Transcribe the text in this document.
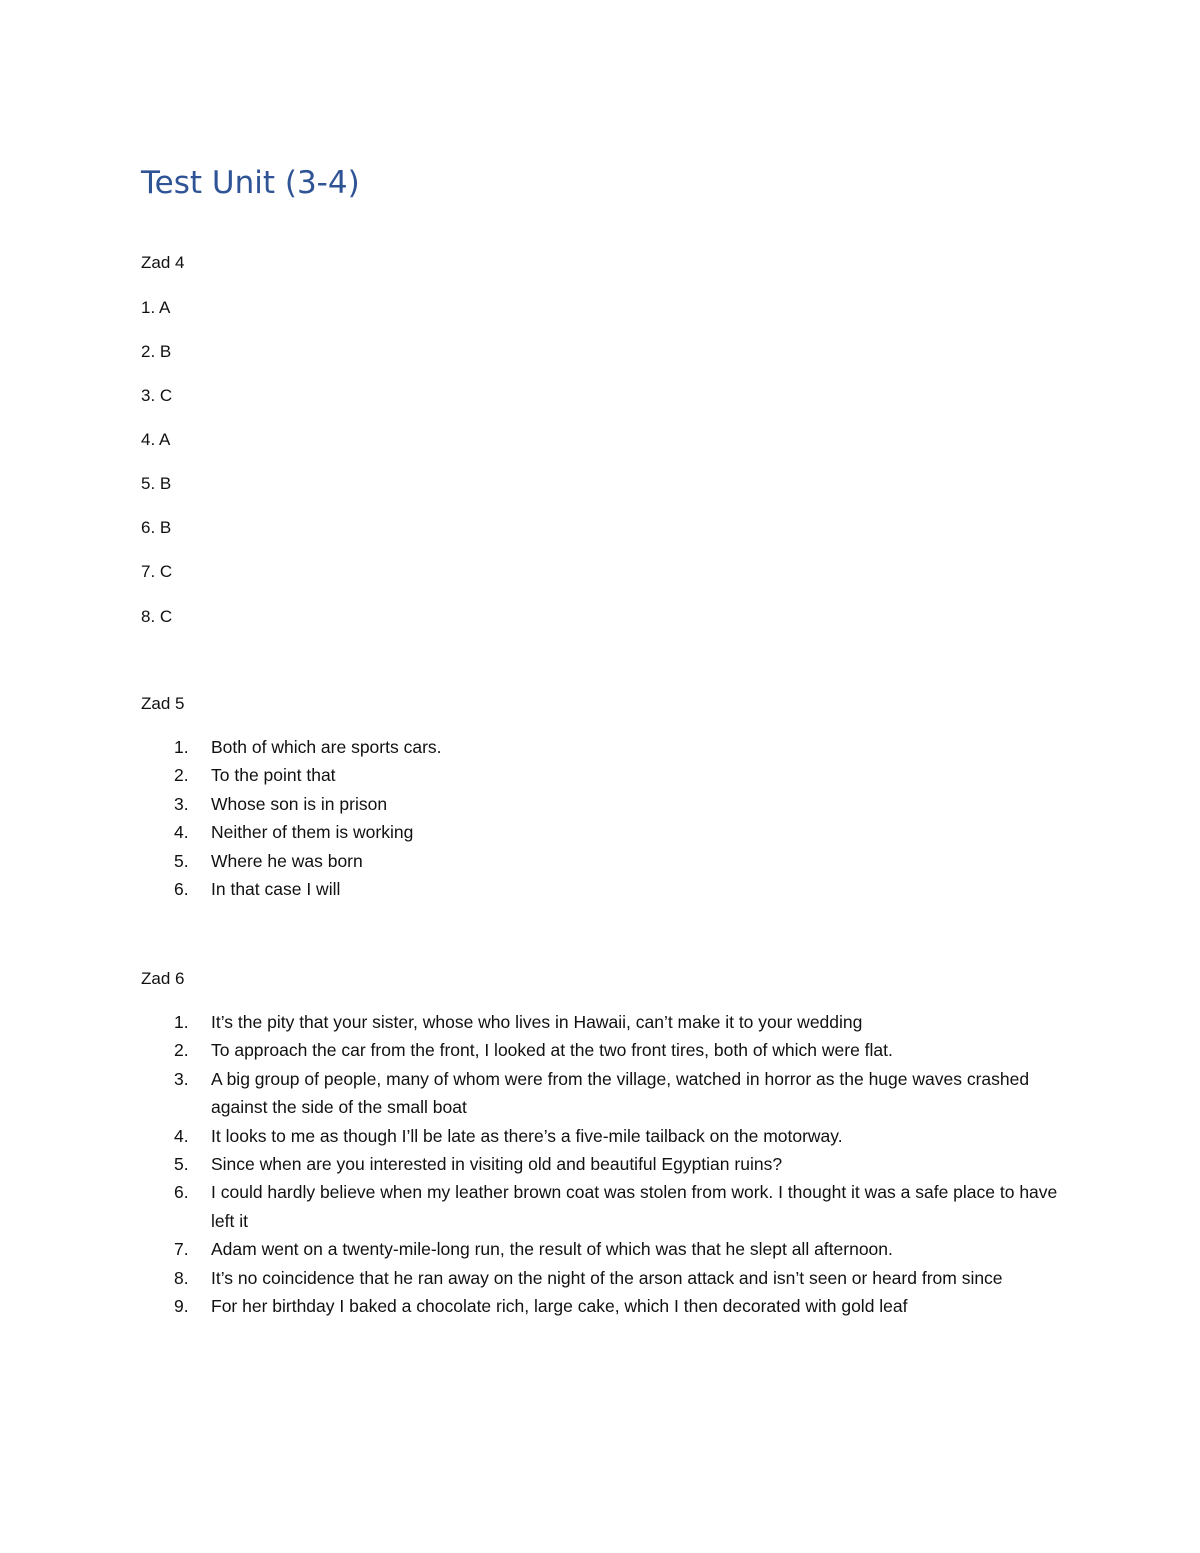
Test Unit (3-4)
Zad 4
1. A
2. B
3. C
4. A
5. B
6. B
7. C
8. C
Zad 5
1.	Both of which are sports cars.
2.	To the point that
3.	Whose son is in prison
4.	Neither of them is working
5.	Where he was born
6.	In that case I will
Zad 6
1.	It’s the pity that your sister, whose who lives in Hawaii, can’t make it to your wedding
2.	To approach the car from the front, I looked at the two front tires, both of which were flat.
3.	A big group of people, many of whom were from the village, watched in horror as the huge waves crashed against the side of the small boat
4.	It looks to me as though I’ll be late as there’s a five-mile tailback on the motorway.
5.	Since when are you interested in visiting old and beautiful Egyptian ruins?
6.	I could hardly believe when my leather brown coat was stolen from work. I thought it was a safe place to have left it
7.	Adam went on a twenty-mile-long run, the result of which was that he slept all afternoon.
8.	It’s no coincidence that he ran away on the night of the arson attack and isn’t seen or heard from since
9.	For her birthday I baked a chocolate rich, large cake, which I then decorated with gold leaf
